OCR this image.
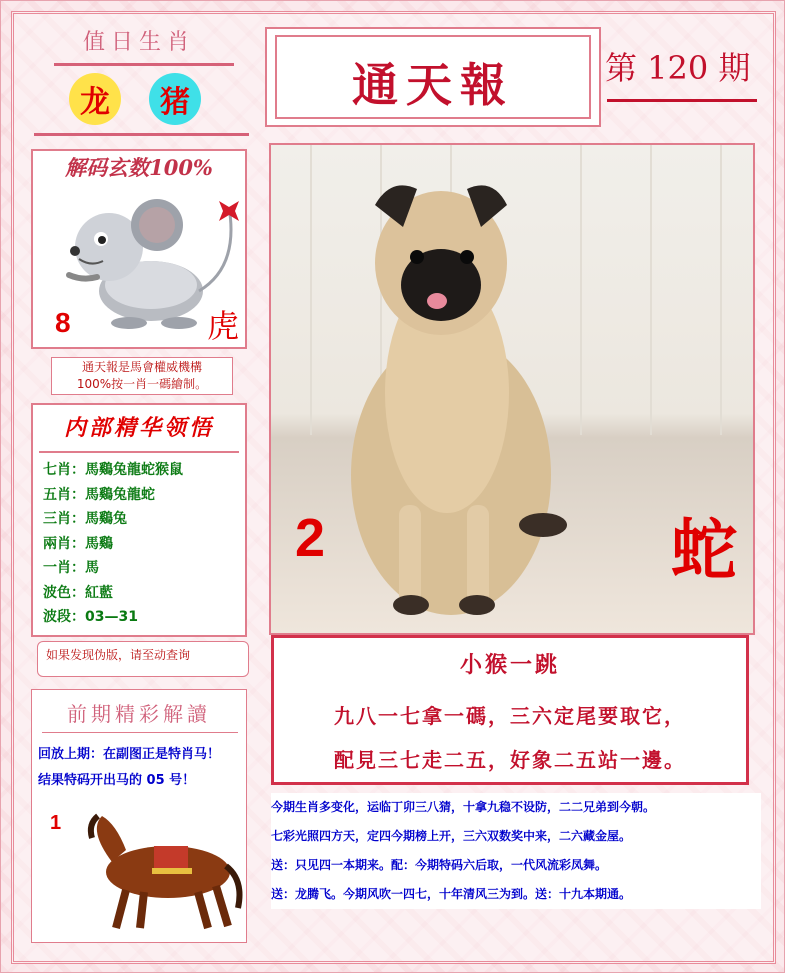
值日生肖
龙	猪
解码玄数100%
8	虎
通天報是馬會權威機構
100%按一肖一碼繪制。
内部精华领悟
七肖：馬鷄兔龍蛇猴鼠
五肖：馬鷄兔龍蛇
三肖：馬鷄兔
兩肖：馬鷄
一肖：馬
波色：紅藍
波段：03—31
如果发现伪版，请至动查询
前期精彩解讀
回放上期：在副图正是特肖马！
结果特码开出马的 05 号！
1
通天報	第 120 期
2	蛇
小猴一跳
九八一七拿一碼，三六定尾要取它，
配見三七走二五，好象二五站一邊。
今期生肖多变化，运临丁卯三八猜，十拿九稳不设防，二二兄弟到今朝。
七彩光照四方天，定四今期榜上开，三六双数奖中来，二六藏金屋。
送：只见四一本期来。配：今期特码六后取，一代风流彩凤舞。
送：龙腾飞。今期风吹一四七，十年清风三为到。送：十九本期通。
